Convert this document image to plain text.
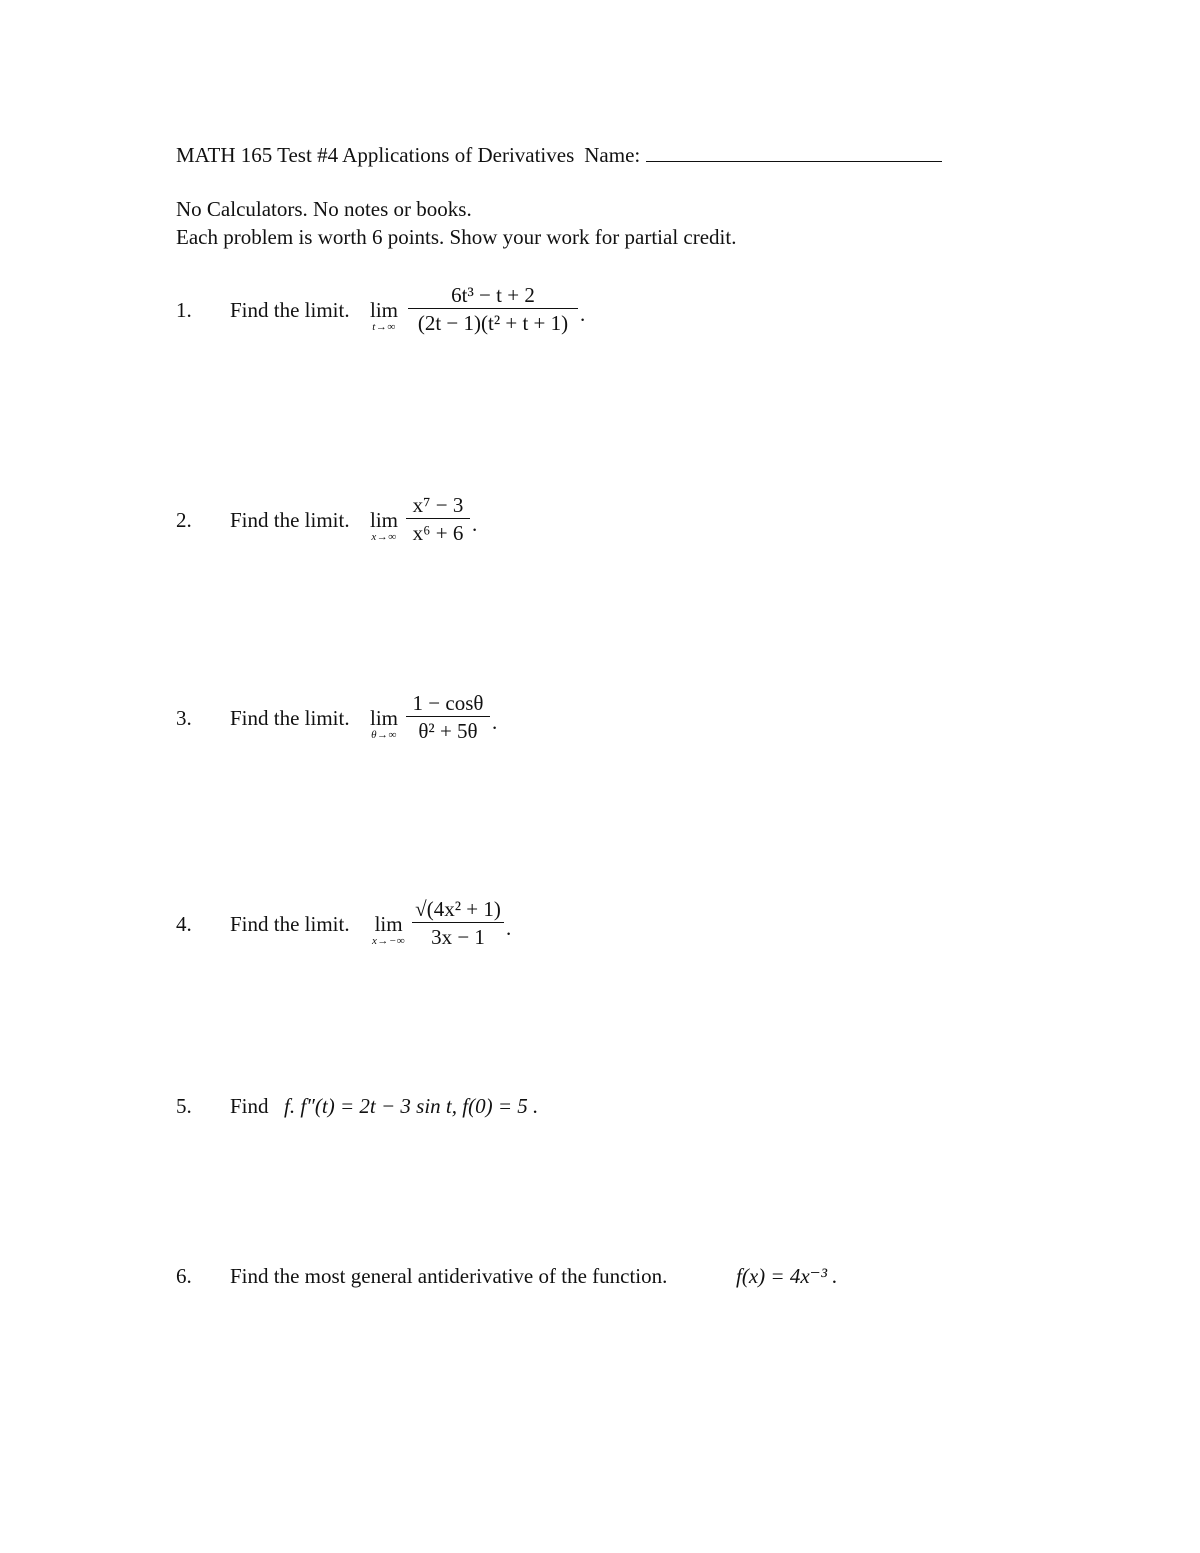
MATH 165 Test #4 Applications of Derivatives Name:
No Calculators. No notes or books.
Each problem is worth 6 points. Show your work for partial credit.
1. Find the limit. lim
t→∞
6t³ − t + 2
(2t − 1)(t² + t + 1) .
2. Find the limit. lim
x→∞
x⁷ − 3
x⁶ + 6 .
3. Find the limit. lim
θ→∞
1 − cosθ
θ² + 5θ .
4. Find the limit. lim
x→−∞
√(4x² + 1)
3x − 1	.
5. Find f. f″(t) = 2t − 3 sin t, f(0) = 5 .
6. Find the most general antiderivative of the function.	f(x) = 4x⁻³ .
